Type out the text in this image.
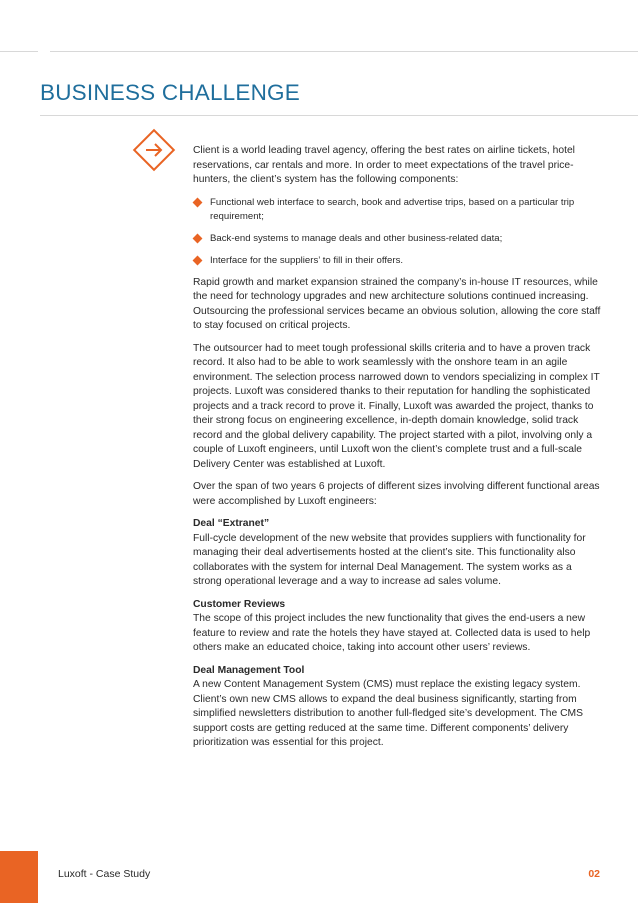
BUSINESS CHALLENGE

Client is a world leading travel agency, offering the best rates on airline tickets, hotel reservations, car rentals and more. In order to meet expectations of the travel price-hunters, the client’s system has the following components:

Functional web interface to search, book and advertise trips, based on a particular trip requirement;
Back-end systems to manage deals and other business-related data;
Interface for the suppliers’ to fill in their offers.

Rapid growth and market expansion strained the company’s in-house IT resources, while the need for technology upgrades and new architecture solutions continued increasing. Outsourcing the professional services became an obvious solution, allowing the core staff to stay focused on critical projects.

The outsourcer had to meet tough professional skills criteria and to have a proven track record. It also had to be able to work seamlessly with the onshore team in an agile environment. The selection process narrowed down to vendors specializing in complex IT projects. Luxoft was considered thanks to their reputation for handling the sophisticated projects and a track record to prove it. Finally, Luxoft was awarded the project, thanks to their strong focus on engineering excellence, in-depth domain knowledge, solid track record and the global delivery capability. The project started with a pilot, involving only a couple of Luxoft engineers, until Luxoft won the client’s complete trust and a full-scale Delivery Center was established at Luxoft.

Over the span of two years 6 projects of different sizes involving different functional areas were accomplished by Luxoft engineers:

Deal “Extranet”
Full-cycle development of the new website that provides suppliers with functionality for managing their deal advertisements hosted at the client’s site. This functionality also collaborates with the system for internal Deal Management. The system works as a strong operational leverage and a way to increase ad sales volume.

Customer Reviews
The scope of this project includes the new functionality that gives the end-users a new feature to review and rate the hotels they have stayed at. Collected data is used to help others make an educated choice, taking into account other users’ reviews.

Deal Management Tool
A new Content Management System (CMS) must replace the existing legacy system. Client’s own new CMS allows to expand the deal business significantly, starting from simplified newsletters distribution to another full-fledged site’s development. The CMS support costs are getting reduced at the same time. Different components’ delivery prioritization was essential for this project.

Luxoft - Case Study	02
